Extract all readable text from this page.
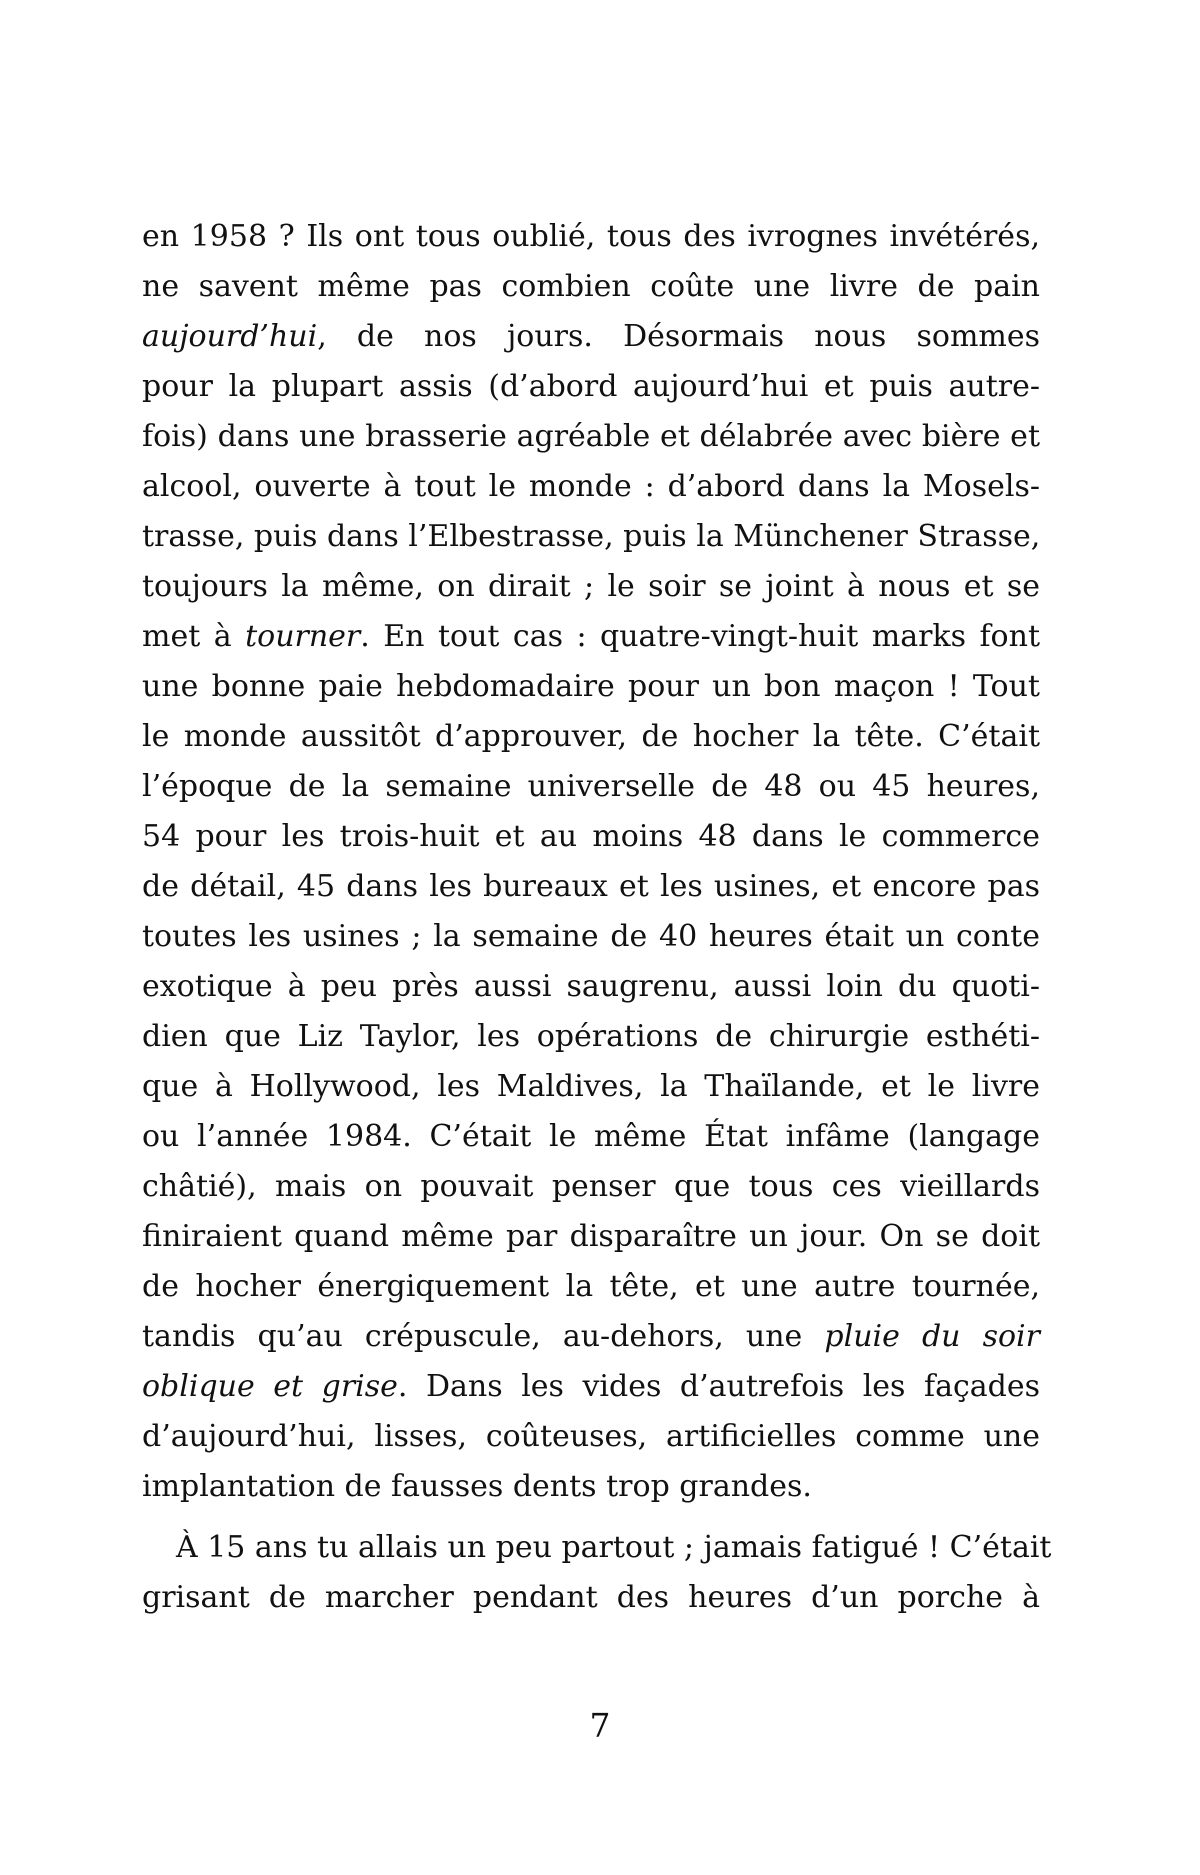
en 1958 ? Ils ont tous oublié, tous des ivrognes invétérés,
ne savent même pas combien coûte une livre de pain
aujourd’hui, de nos jours. Désormais nous sommes
pour la plupart assis (d’abord aujourd’hui et puis autre-
fois) dans une brasserie agréable et délabrée avec bière et
alcool, ouverte à tout le monde : d’abord dans la Mosels-
trasse, puis dans l’Elbestrasse, puis la Münchener Strasse,
toujours la même, on dirait ; le soir se joint à nous et se
met à tourner. En tout cas : quatre-vingt-huit marks font
une bonne paie hebdomadaire pour un bon maçon ! Tout
le monde aussitôt d’approuver, de hocher la tête. C’était
l’époque de la semaine universelle de 48 ou 45 heures,
54 pour les trois-huit et au moins 48 dans le commerce
de détail, 45 dans les bureaux et les usines, et encore pas
toutes les usines ; la semaine de 40 heures était un conte
exotique à peu près aussi saugrenu, aussi loin du quoti-
dien que Liz Taylor, les opérations de chirurgie esthéti-
que à Hollywood, les Maldives, la Thaïlande, et le livre
ou l’année 1984. C’était le même État infâme (langage
châtié), mais on pouvait penser que tous ces vieillards
finiraient quand même par disparaître un jour. On se doit
de hocher énergiquement la tête, et une autre tournée,
tandis qu’au crépuscule, au-dehors, une pluie du soir
oblique et grise. Dans les vides d’autrefois les façades
d’aujourd’hui, lisses, coûteuses, artificielles comme une
implantation de fausses dents trop grandes.
À 15 ans tu allais un peu partout ; jamais fatigué ! C’était
grisant de marcher pendant des heures d’un porche à
7
